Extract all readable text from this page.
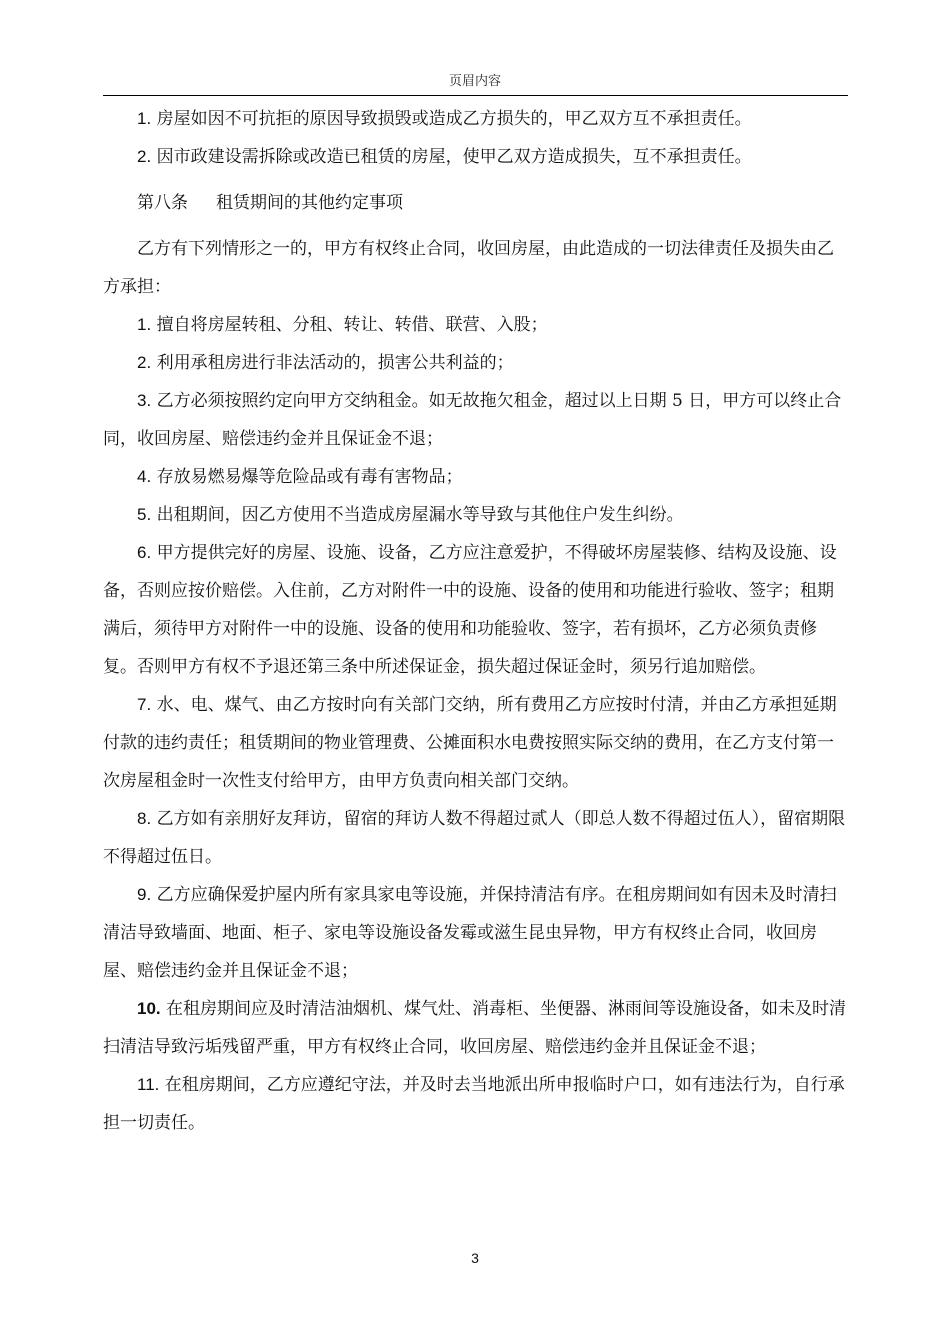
页眉内容

1. 房屋如因不可抗拒的原因导致损毁或造成乙方损失的，甲乙双方互不承担责任。

2. 因市政建设需拆除或改造已租赁的房屋，使甲乙双方造成损失，互不承担责任。

第八条 租赁期间的其他约定事项

乙方有下列情形之一的，甲方有权终止合同，收回房屋，由此造成的一切法律责任及损失由乙方承担：

1. 擅自将房屋转租、分租、转让、转借、联营、入股；

2. 利用承租房进行非法活动的，损害公共利益的；

3. 乙方必须按照约定向甲方交纳租金。如无故拖欠租金，超过以上日期 5 日，甲方可以终止合同，收回房屋、赔偿违约金并且保证金不退；

4. 存放易燃易爆等危险品或有毒有害物品；

5. 出租期间，因乙方使用不当造成房屋漏水等导致与其他住户发生纠纷。

6. 甲方提供完好的房屋、设施、设备，乙方应注意爱护，不得破坏房屋装修、结构及设施、设备，否则应按价赔偿。入住前，乙方对附件一中的设施、设备的使用和功能进行验收、签字；租期满后，须待甲方对附件一中的设施、设备的使用和功能验收、签字，若有损坏，乙方必须负责修复。否则甲方有权不予退还第三条中所述保证金，损失超过保证金时，须另行追加赔偿。

7. 水、电、煤气、由乙方按时向有关部门交纳，所有费用乙方应按时付清，并由乙方承担延期付款的违约责任；租赁期间的物业管理费、公摊面积水电费按照实际交纳的费用，在乙方支付第一次房屋租金时一次性支付给甲方，由甲方负责向相关部门交纳。

8. 乙方如有亲朋好友拜访，留宿的拜访人数不得超过贰人（即总人数不得超过伍人），留宿期限不得超过伍日。

9. 乙方应确保爱护屋内所有家具家电等设施，并保持清洁有序。在租房期间如有因未及时清扫清洁导致墙面、地面、柜子、家电等设施设备发霉或滋生昆虫异物，甲方有权终止合同，收回房屋、赔偿违约金并且保证金不退；

10. 在租房期间应及时清洁油烟机、煤气灶、消毒柜、坐便器、淋雨间等设施设备，如未及时清扫清洁导致污垢残留严重，甲方有权终止合同，收回房屋、赔偿违约金并且保证金不退；

11. 在租房期间，乙方应遵纪守法，并及时去当地派出所申报临时户口，如有违法行为，自行承担一切责任。

3
